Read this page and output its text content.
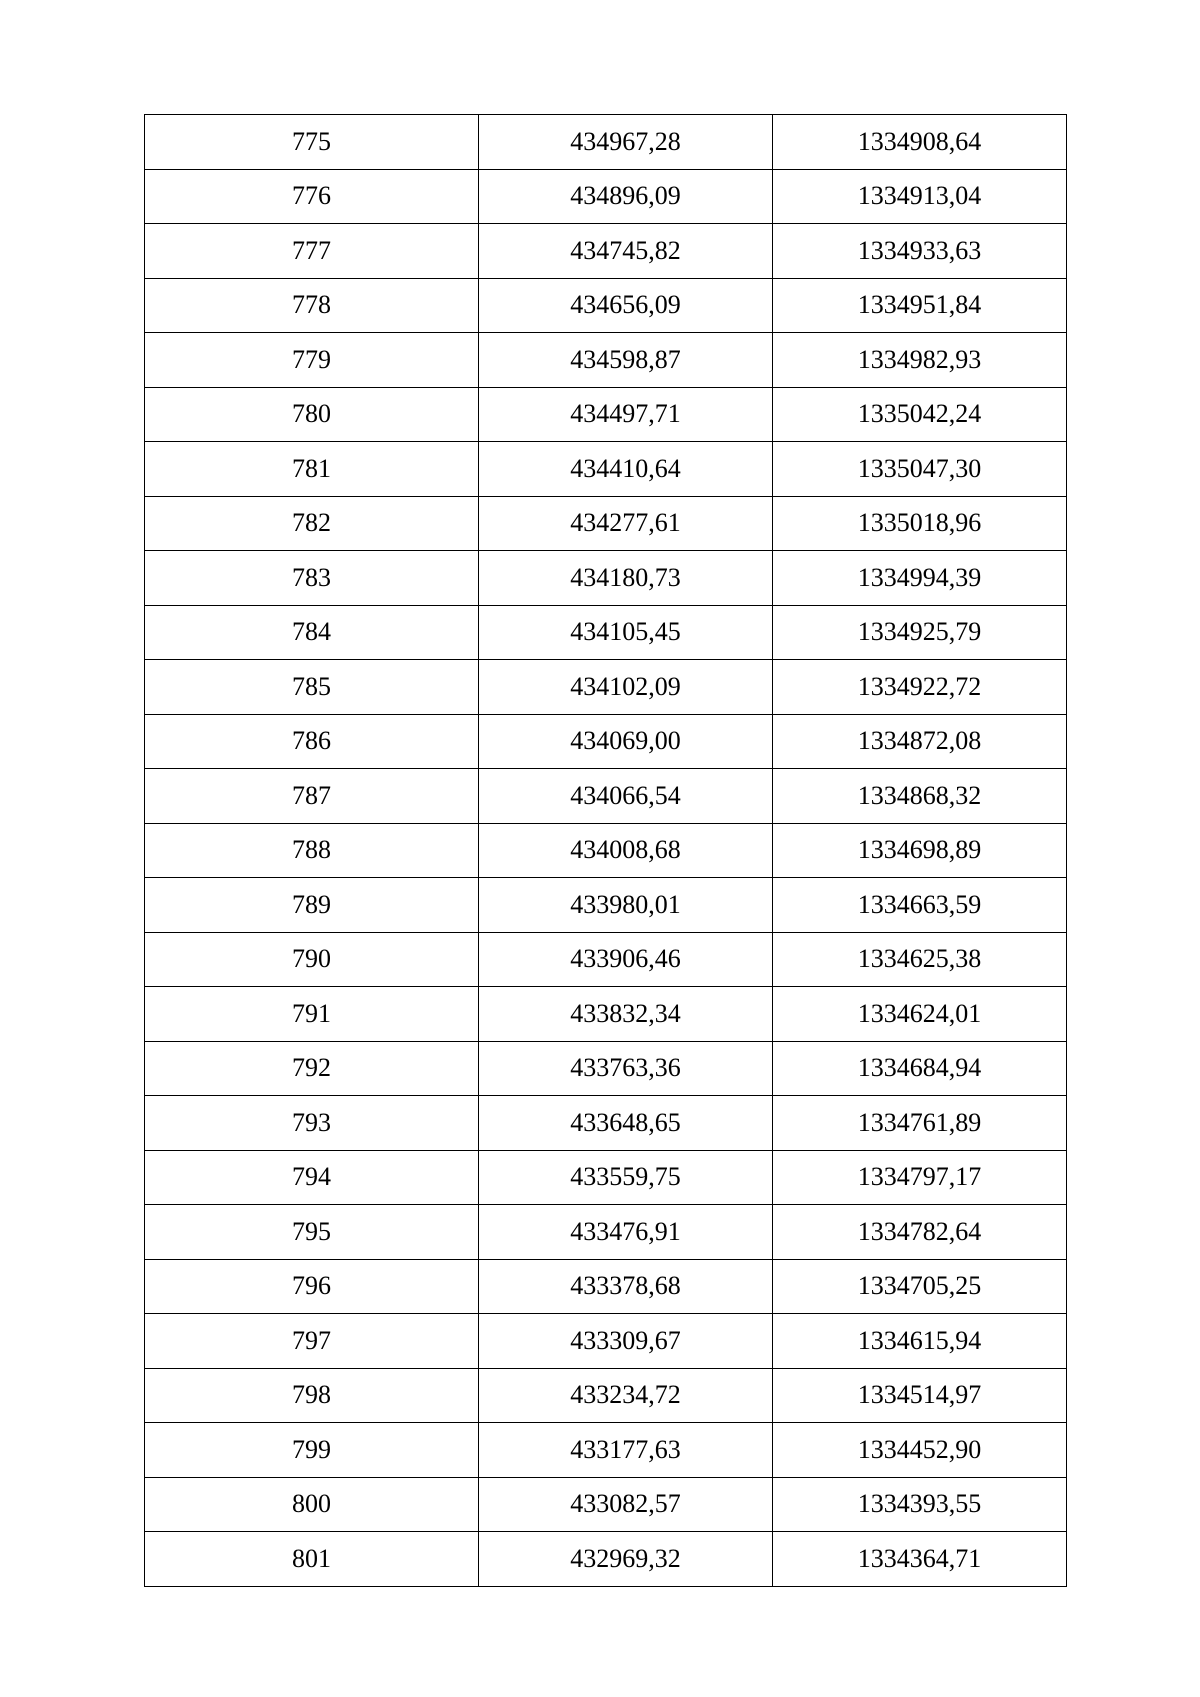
775	434967,28	1334908,64
776	434896,09	1334913,04
777	434745,82	1334933,63
778	434656,09	1334951,84
779	434598,87	1334982,93
780	434497,71	1335042,24
781	434410,64	1335047,30
782	434277,61	1335018,96
783	434180,73	1334994,39
784	434105,45	1334925,79
785	434102,09	1334922,72
786	434069,00	1334872,08
787	434066,54	1334868,32
788	434008,68	1334698,89
789	433980,01	1334663,59
790	433906,46	1334625,38
791	433832,34	1334624,01
792	433763,36	1334684,94
793	433648,65	1334761,89
794	433559,75	1334797,17
795	433476,91	1334782,64
796	433378,68	1334705,25
797	433309,67	1334615,94
798	433234,72	1334514,97
799	433177,63	1334452,90
800	433082,57	1334393,55
801	432969,32	1334364,71
